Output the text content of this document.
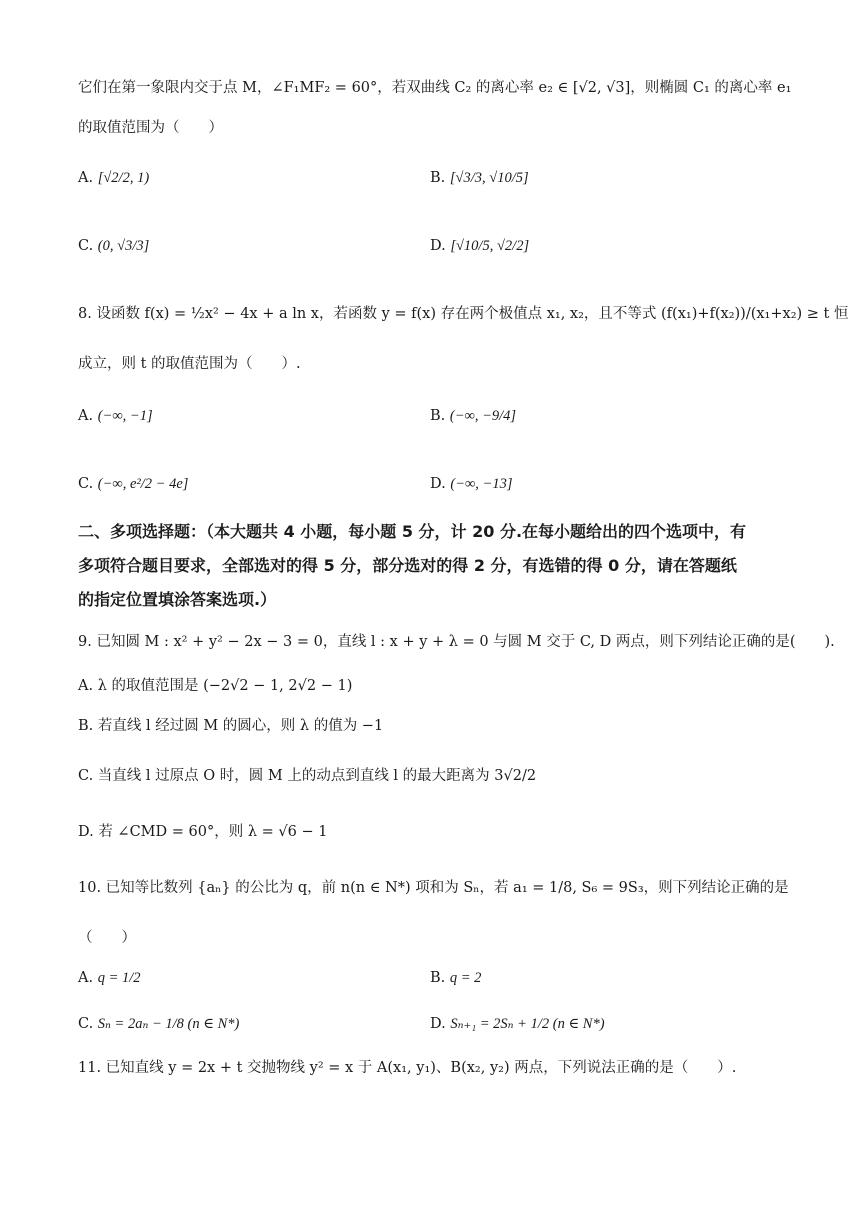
它们在第一象限内交于点 M，∠F₁MF₂ = 60°，若双曲线 C₂ 的离心率 e₂ ∈ [√2, √3]，则椭圆 C₁ 的离心率 e₁
的取值范围为（　　）
A. [√2/2, 1)	B. [√3/3, √10/5]
C. (0, √3/3]	D. [√10/5, √2/2]
8. 设函数 f(x) = ½x² − 4x + a ln x，若函数 y = f(x) 存在两个极值点 x₁, x₂，且不等式 (f(x₁)+f(x₂))/(x₁+x₂) ≥ t 恒
成立，则 t 的取值范围为（　　）.
A. (−∞, −1]	B. (−∞, −9/4]
C. (−∞, e²/2 − 4e]	D. (−∞, −13]
二、多项选择题：（本大题共 4 小题，每小题 5 分，计 20 分.在每小题给出的四个选项中，有
多项符合题目要求，全部选对的得 5 分，部分选对的得 2 分，有选错的得 0 分，请在答题纸
的指定位置填涂答案选项.）
9. 已知圆 M : x² + y² − 2x − 3 = 0，直线 l : x + y + λ = 0 与圆 M 交于 C, D 两点，则下列结论正确的是(　　).
A. λ 的取值范围是 (−2√2 − 1, 2√2 − 1)
B. 若直线 l 经过圆 M 的圆心，则 λ 的值为 −1
C. 当直线 l 过原点 O 时，圆 M 上的动点到直线 l 的最大距离为 3√2/2
D. 若 ∠CMD = 60°，则 λ = √6 − 1
10. 已知等比数列 {aₙ} 的公比为 q，前 n(n ∈ N*) 项和为 Sₙ，若 a₁ = 1/8, S₆ = 9S₃，则下列结论正确的是
（　　）
A. q = 1/2	B. q = 2
C. Sₙ = 2aₙ − 1/8 (n ∈ N*)	D. Sₙ₊₁ = 2Sₙ + 1/2 (n ∈ N*)
11. 已知直线 y = 2x + t 交抛物线 y² = x 于 A(x₁, y₁)、B(x₂, y₂) 两点，下列说法正确的是（　　）.
